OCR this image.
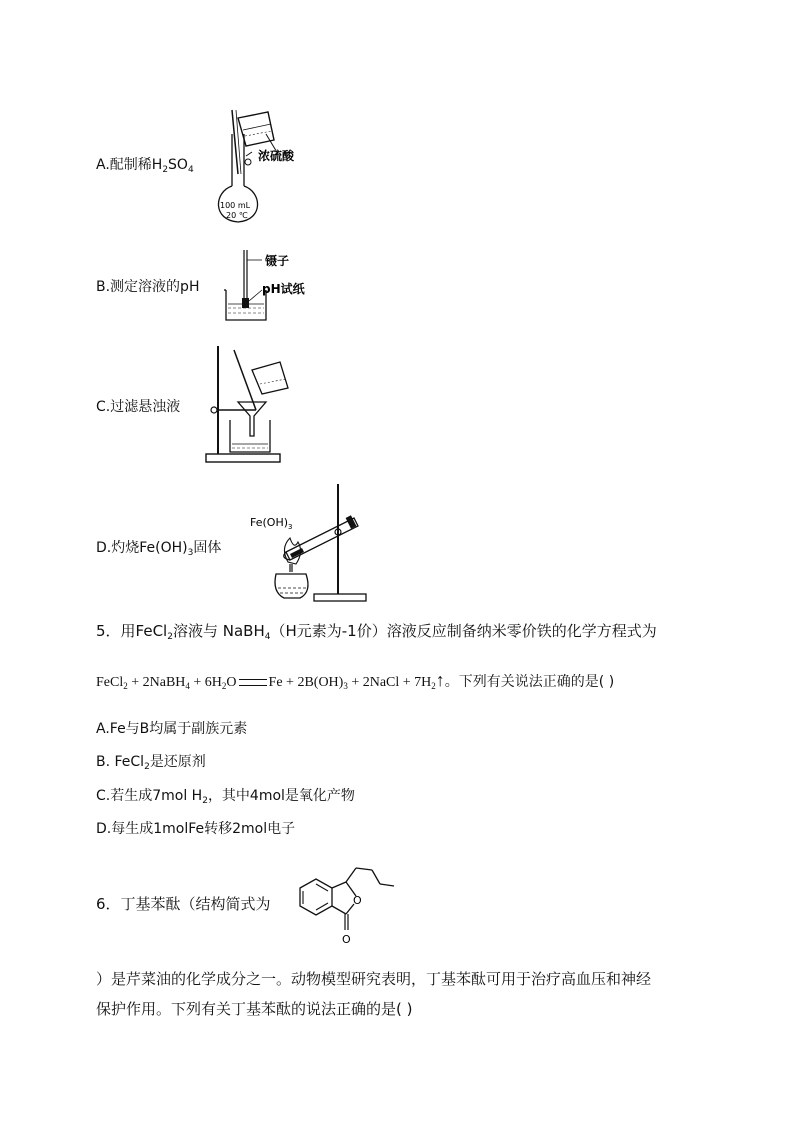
A.配制稀$H_2SO_4$
浓硫酸
100 mL
20 ℃
B.测定溶液的pH
镊子
pH试纸
C.过滤悬浊液
D.灼烧$Fe(OH)_3$固体
$Fe(OH)_3$
5．用FeCl$_2$溶液与 NaBH$_4$（H元素为-1价）溶液反应制备纳米零价铁的化学方程式为
FeCl$_2$ + 2NaBH$_4$ + $6H_2O$ $Fe + 2B(OH)_3$ + 2NaCl + $7H_2↑$。下列有关说法正确的是( )
A.Fe与B均属于副族元素
B. FeCl$_2$是还原剂
C.若生成7mol $H_2$，其中4mol是氧化产物
D.每生成1molFe转移2mol电子
6．丁基苯酞（结构简式为	O
O
）是芹菜油的化学成分之一。动物模型研究表明，丁基苯酞可用于治疗高血压和神经
保护作用。下列有关丁基苯酞的说法正确的是( )
